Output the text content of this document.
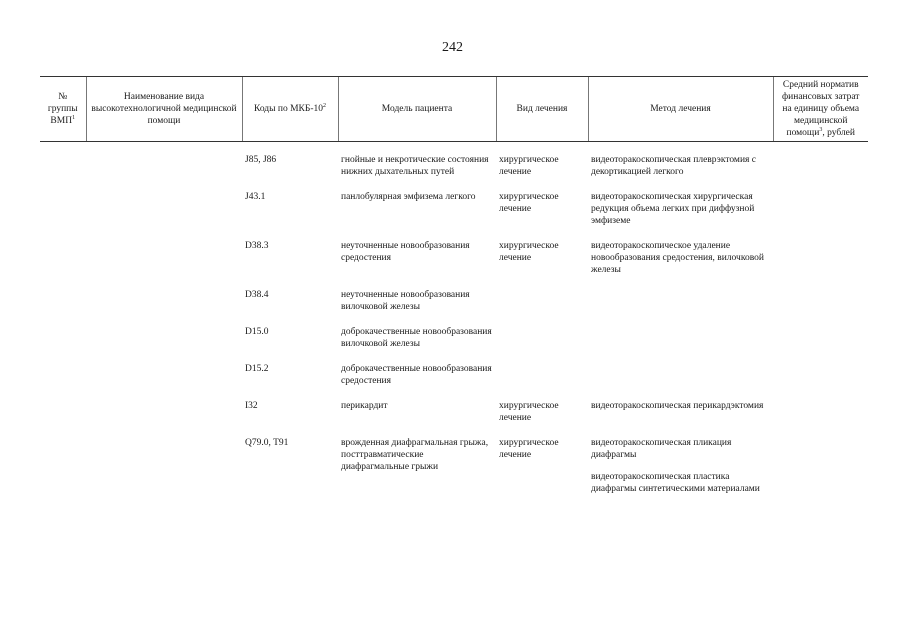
242
№ группы ВМП$^1$	Наименование вида высокотехнологичной медицинской помощи	Коды по МКБ-$10^2$	Модель пациента	Вид лечения	Метод лечения	Средний норматив финансовых затрат на единицу объема медицинской помощи$^3$, рублей

		J85, J86	гнойные и некротические состояния нижних дыхательных путей	хирургическое лечение	видеоторакоскопическая плеврэктомия с декортикацией легкого	

		J43.1	панлобулярная эмфизема легкого	хирургическое лечение	видеоторакоскопическая хирургическая редукция объема легких при диффузной эмфиземе	

		D38.3	неуточненные новообразования средостения	хирургическое лечение	видеоторакоскопическое удаление новообразования средостения, вилочковой железы	

		D38.4	неуточненные новообразования вилочковой железы			

		D15.0	доброкачественные новообразования вилочковой железы			

		D15.2	доброкачественные новообразования средостения			

		I32	перикардит	хирургическое лечение	видеоторакоскопическая перикардэктомия	

		Q79.0, T91	врожденная диафрагмальная грыжа, посттравматические диафрагмальные грыжи	хирургическое лечение	видеоторакоскопическая пликация диафрагмы
видеоторакоскопическая пластика диафрагмы синтетическими материалами	
